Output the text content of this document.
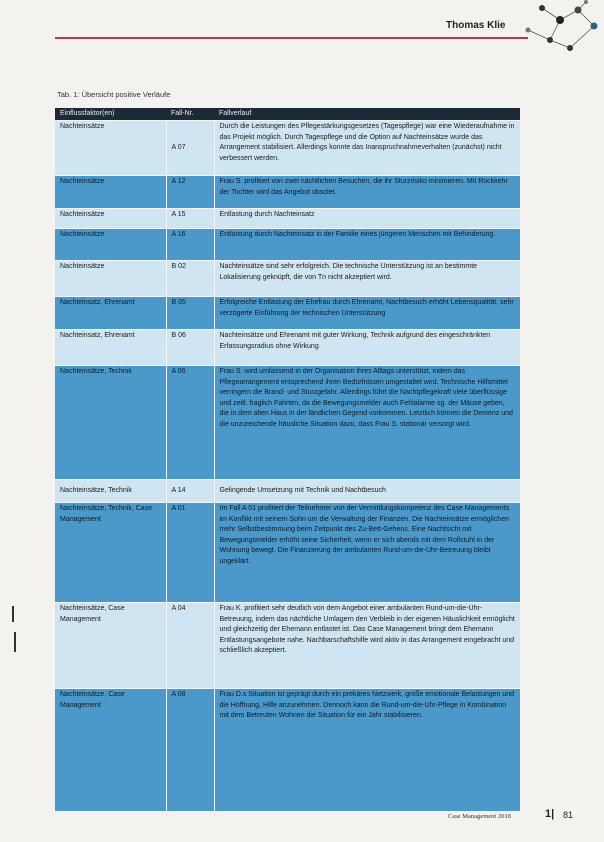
Thomas Klie
Tab. 1: Übersicht positive Verläufe
Einflussfaktor(en)	Fall-Nr.	Fallverlauf
Nachteinsätze	A 07	Durch die Leistungen des Pflegestärkungsgesetzes (Tagespflege) war eine Wiederaufnahme in das Projekt möglich. Durch Tagespflege und die Option auf Nachteinsätze wurde das Arrangement stabilisiert. Allerdings konnte das Inanspruchnahmeverhalten (zunächst) nicht verbessert werden.
Nachteinsätze	A 12	Frau S. profitiert von zwei nächtlichen Besuchen, die ihr Sturzrisiko minimieren. Mit Rückkehr der Tochter wird das Angebot obsolet.
Nachteinsätze	A 15	Entlastung durch Nachteinsatz
Nachteinsätze	A 16	Entlastung durch Nachteinsatz in der Familie eines jüngeren Menschen mit Behinderung.
Nachteinsätze	B 02	Nachteinsätze sind sehr erfolgreich. Die technische Unterstützung ist an bestimmte Lokalisierung geknüpft, die von Tn nicht akzeptiert wird.
Nachteinsatz, Ehrenamt	B 05	Erfolgreiche Entlastung der Ehefrau durch Ehrenamt, Nachtbesuch erhöht Lebensqualität, sehr verzögerte Einführung der technischen Unterstützung
Nachteinsatz, Ehrenamt	B 06	Nachteinsätze und Ehrenamt mit guter Wirkung, Technik aufgrund des eingeschränkten Erfassungsradius ohne Wirkung
Nachteinsätze, Technik	A 06	Frau S. wird umfassend in der Organisation ihres Alltags unterstützt, indem das Pflegearrangement entsprechend ihren Bedürfnissen umgestaltet wird. Technische Hilfsmittel verringern die Brand- und Sturzgefahr. Allerdings führt die Nachtpflegekraft viele überflüssige und zeitl. fraglich Fahrten, da die Bewegungsmelder auch Fehlalarme sg. der Mäuse geben, die in dem alten Haus in der ländlichen Gegend vorkommen. Letztlich können die Demenz und die unzureichende häusliche Situation dazu, dass Frau S. stationär versorgt wird.
Nachteinsätze, Technik	A 14	Gelingende Umsetzung mit Technik und Nachtbesuch
Nachteinsätze, Technik, Case Management	A 01	Im Fall A 01 profitiert der Teilnehmer von der Vermittlungskompetenz des Case Managements im Konflikt mit seinem Sohn um die Verwaltung der Finanzen. Die Nachteinsätze ermöglichen mehr Selbstbestimmung beim Zeitpunkt des Zu-Bett-Gehens. Eine Nachtsicht mit Bewegungsmelder erhöht seine Sicherheit, wenn er sich abends mit dem Rollstuhl in der Wohnung bewegt. Die Finanzierung der ambulanten Rund-um-die-Uhr-Betreuung bleibt ungeklärt.
Nachteinsätze, Case Management	A 04	Frau K. profitiert sehr deutlich von dem Angebot einer ambulanten Rund-um-die-Uhr-Betreuung, indem das nächtliche Umlagern den Verbleib in der eigenen Häuslichkeit ermöglicht und gleichzeitig der Ehemann entlastet ist. Das Case Management bringt dem Ehemann Entlastungsangebote nahe. Nachbarschaftshilfe wird aktiv in das Arrangement eingebracht und schließlich akzeptiert.
Nachteinsätze, Case Management	A 08	Frau D.s Situation ist geprägt durch ein prekäres Netzwerk, große emotionale Belastungen und die Hoffnung, Hilfe anzunehmen. Dennoch kann die Rund-um-die-Uhr-Pflege in Kombination mit dem Betreuten Wohnen die Situation für ein Jahr stabilisieren.
Case Management 2018	1| 81
